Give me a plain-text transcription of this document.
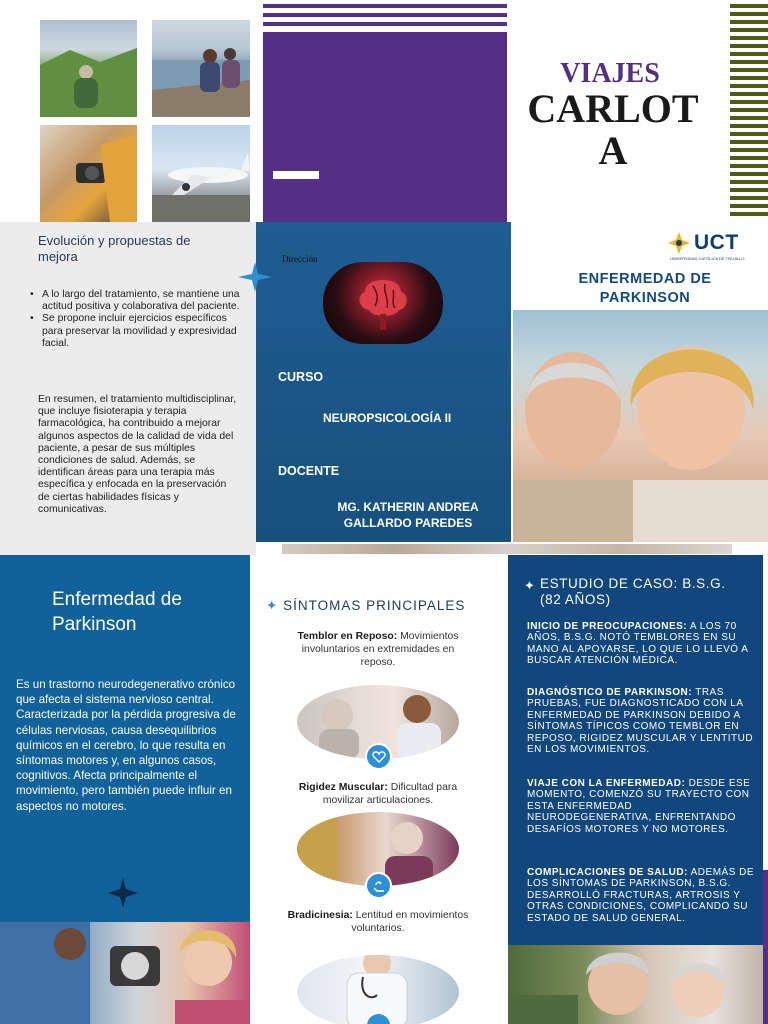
VIAJES
CARLOT
A
Evolución y propuestas de mejora
• A lo largo del tratamiento, se mantiene una actitud positiva y colaborativa del paciente.
• Se propone incluir ejercicios específicos para preservar la movilidad y expresividad facial.
En resumen, el tratamiento multidisciplinar, que incluye fisioterapia y terapia farmacológica, ha contribuido a mejorar algunos aspectos de la calidad de vida del paciente, a pesar de sus múltiples condiciones de salud. Además, se identifican áreas para una terapia más específica y enfocada en la preservación de ciertas habilidades físicas y comunicativas.
Dirección
CURSO
NEUROPSICOLOGÍA II
DOCENTE
MG. KATHERIN ANDREA GALLARDO PAREDES
UCT
UNIVERSIDAD CATÓLICA DE TRUJILLO
ENFERMEDAD DE PARKINSON
Enfermedad de Parkinson
Es un trastorno neurodegenerativo crónico que afecta el sistema nervioso central. Caracterizada por la pérdida progresiva de células nerviosas, causa desequilibrios químicos en el cerebro, lo que resulta en síntomas motores y, en algunos casos, cognitivos. Afecta principalmente el movimiento, pero también puede influir en aspectos no motores.
✦ SÍNTOMAS PRINCIPALES
Temblor en Reposo: Movimientos involuntarios en extremidades en reposo.
Rigidez Muscular: Dificultad para movilizar articulaciones.
Bradicinesia: Lentitud en movimientos voluntarios.
✦ ESTUDIO DE CASO: B.S.G. (82 AÑOS)
INICIO DE PREOCUPACIONES: A LOS 70 AÑOS, B.S.G. NOTÓ TEMBLORES EN SU MANO AL APOYARSE, LO QUE LO LLEVÓ A BUSCAR ATENCIÓN MÉDICA.
DIAGNÓSTICO DE PARKINSON: TRAS PRUEBAS, FUE DIAGNOSTICADO CON LA ENFERMEDAD DE PARKINSON DEBIDO A SÍNTOMAS TÍPICOS COMO TEMBLOR EN REPOSO, RIGIDEZ MUSCULAR Y LENTITUD EN LOS MOVIMIENTOS.
VIAJE CON LA ENFERMEDAD: DESDE ESE MOMENTO, COMENZÓ SU TRAYECTO CON ESTA ENFERMEDAD NEURODEGENERATIVA, ENFRENTANDO DESAFÍOS MOTORES Y NO MOTORES.
COMPLICACIONES DE SALUD: ADEMÁS DE LOS SÍNTOMAS DE PARKINSON, B.S.G. DESARROLLÓ FRACTURAS, ARTROSIS Y OTRAS CONDICIONES, COMPLICANDO SU ESTADO DE SALUD GENERAL.
